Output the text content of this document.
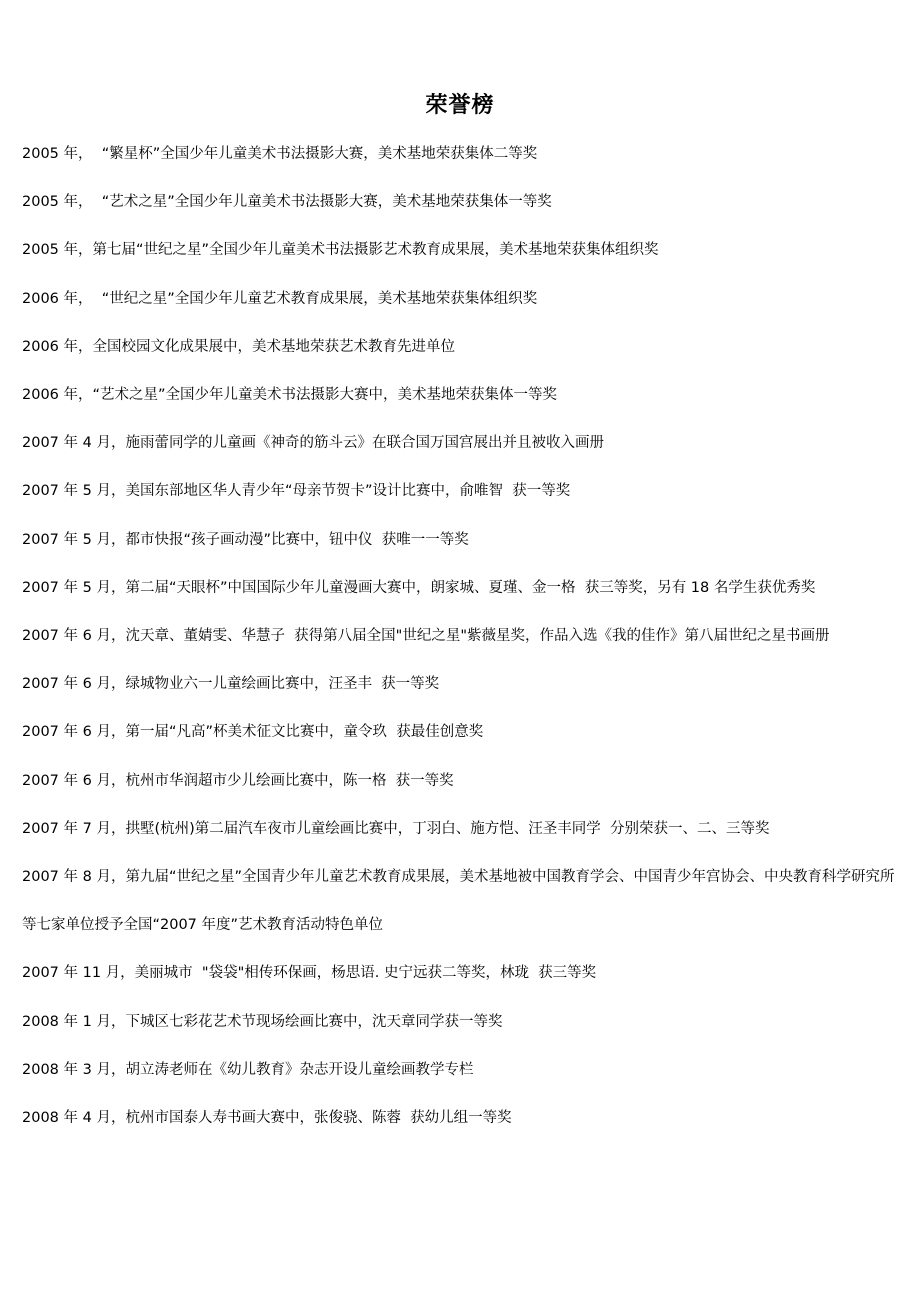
荣誉榜
2005 年，  “繁星杯”全国少年儿童美术书法摄影大赛，美术基地荣获集体二等奖
2005 年，  “艺术之星”全国少年儿童美术书法摄影大赛，美术基地荣获集体一等奖
2005 年，第七届“世纪之星”全国少年儿童美术书法摄影艺术教育成果展，美术基地荣获集体组织奖
2006 年，  “世纪之星”全国少年儿童艺术教育成果展，美术基地荣获集体组织奖
2006 年，全国校园文化成果展中，美术基地荣获艺术教育先进单位
2006 年，“艺术之星”全国少年儿童美术书法摄影大赛中，美术基地荣获集体一等奖
2007 年 4 月，施雨蕾同学的儿童画《神奇的筋斗云》在联合国万国宫展出并且被收入画册
2007 年 5 月，美国东部地区华人青少年“母亲节贺卡”设计比赛中，俞唯智  获一等奖
2007 年 5 月，都市快报“孩子画动漫”比赛中，钮中仪  获唯一一等奖
2007 年 5 月，第二届“天眼杯”中国国际少年儿童漫画大赛中，朗家城、夏瑾、金一格  获三等奖，另有 18 名学生获优秀奖
2007 年 6 月，沈天章、董婧雯、华慧子  获得第八届全国"世纪之星"紫薇星奖，作品入选《我的佳作》第八届世纪之星书画册
2007 年 6 月，绿城物业六一儿童绘画比赛中，汪圣丰  获一等奖
2007 年 6 月，第一届“凡高”杯美术征文比赛中，童令玖  获最佳创意奖
2007 年 6 月，杭州市华润超市少儿绘画比赛中，陈一格  获一等奖
2007 年 7 月，拱墅(杭州)第二届汽车夜市儿童绘画比赛中，丁羽白、施方恺、汪圣丰同学  分别荣获一、二、三等奖
2007 年 8 月，第九届“世纪之星”全国青少年儿童艺术教育成果展，美术基地被中国教育学会、中国青少年宫协会、中央教育科学研究所等七家单位授予全国“2007 年度”艺术教育活动特色单位
2007 年 11 月，美丽城市  "袋袋"相传环保画，杨思语. 史宁远获二等奖，林珑  获三等奖
2008 年 1 月，下城区七彩花艺术节现场绘画比赛中，沈天章同学获一等奖
2008 年 3 月，胡立涛老师在《幼儿教育》杂志开设儿童绘画教学专栏
2008 年 4 月，杭州市国泰人寿书画大赛中，张俊骁、陈蓉  获幼儿组一等奖
